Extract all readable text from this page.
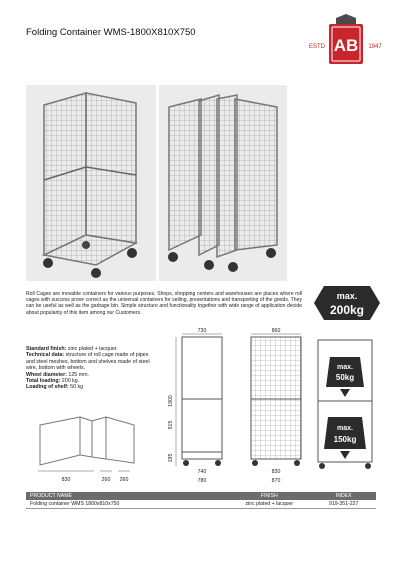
Folding Container WMS-1800X810X750
AB
ESTD	1947
max.
200kg
Roll Cages are movable containers for various purposes. Shops, shopping centers and warehouses are places where roll cages with success prove correct as the universal containers for selling, presentations and transporting of the goods. They can be useful as well as the garbage bin. Simple structure and functionality together with wide range of application decide about popularity of this item among our Customers.
Standard finish: zinc plated + lacquer.
Technical data: structure of roll cage made of pipes and steel meshes, bottom and shelves made of steel wire, bottom with wheels.
Wheel diameter: 125 mm.
Total loading: 200 kg.
Loading of shelf: 50 kg
730
1900
915
195
740
780
860
830
870
max.
50kg
max.
150kg
830	260 260
PRODUCT NAME	FINISH	INDEX
Folding container WMS 1800x810x750	zinc plated + lacquer	919-351-227
